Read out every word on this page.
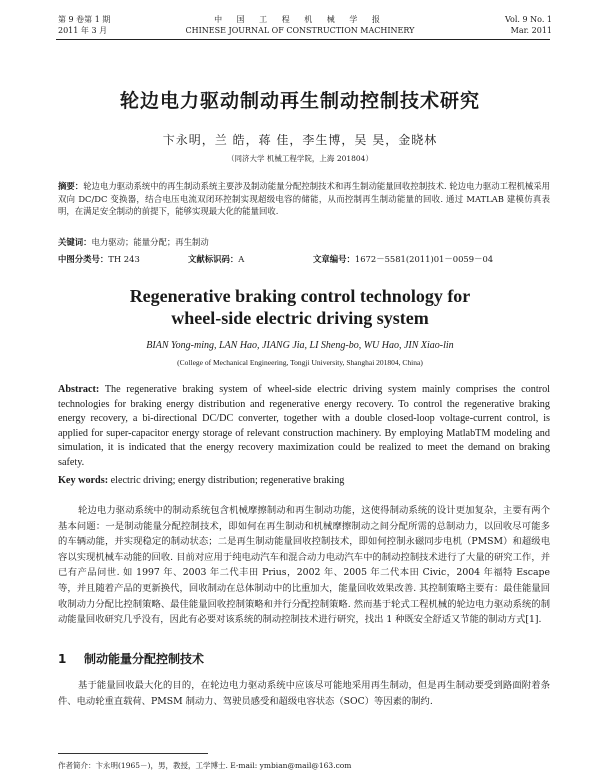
第 9 卷第 1 期
2011 年 3 月
中 国 工 程 机 械 学 报
CHINESE JOURNAL OF CONSTRUCTION MACHINERY
Vol. 9 No. 1
Mar. 2011
轮边电力驱动制动再生制动控制技术研究
卞永明，兰 皓，蒋 佳，李生博，吴 昊，金晓林
（同济大学 机械工程学院，上海 201804）
摘要：轮边电力驱动系统中的再生制动系统主要涉及制动能量分配控制技术和再生制动能量回收控制技术. 轮边电力驱动工程机械采用双向 DC/DC 变换器，结合电压电流双闭环控制实现超级电容的储能，从而控制再生制动能量的回收. 通过 MATLAB 建模仿真表明，在满足安全制动的前提下，能够实现最大化的能量回收.
关键词：电力驱动；能量分配；再生制动
中图分类号：TH 243	文献标识码：A	文章编号：1672－5581(2011)01－0059－04
Regenerative braking control technology for
wheel-side electric driving system
BIAN Yong-ming, LAN Hao, JIANG Jia, LI Sheng-bo, WU Hao, JIN Xiao-lin
(College of Mechanical Engineering, Tongji University, Shanghai 201804, China)
Abstract: The regenerative braking system of wheel-side electric driving system mainly comprises the control technologies for braking energy distribution and regenerative energy recovery. To control the regenerative braking energy recovery, a bi-directional DC/DC converter, together with a double closed-loop voltage-current control, is applied for super-capacitor energy storage of relevant construction machinery. By employing MatlabTM modeling and simulation, it is indicated that the energy recovery maximization could be realized to meet the demand on braking safety.
Key words: electric driving; energy distribution; regenerative braking
轮边电力驱动系统中的制动系统包含机械摩擦制动和再生制动功能，这使得制动系统的设计更加复杂，主要有两个基本问题：一是制动能量分配控制技术，即如何在再生制动和机械摩擦制动之间分配所需的总制动力，以回收尽可能多的车辆动能，并实现稳定的制动状态；二是再生制动能量回收控制技术，即如何控制永磁同步电机（PMSM）和超级电容以实现机械车动能的回收. 目前对应用于纯电动汽车和混合动力电动汽车中的制动控制技术进行了大量的研究工作，并已有产品问世. 如 1997 年、2003 年二代丰田 Prius，2002 年、2005 年二代本田 Civic，2004 年福特 Escape 等，并且随着产品的更新换代，回收制动在总体制动中的比重加大，能量回收效果改善. 其控制策略主要有：最佳能量回收制动力分配比控制策略、最佳能量回收控制策略和并行分配控制策略. 然而基于轮式工程机械的轮边电力驱动系统的制动能量回收研究几乎没有，因此有必要对该系统的制动控制技术进行研究，找出 1 种既安全舒适又节能的制动方式[1].
1 制动能量分配控制技术
基于能量回收最大化的目的，在轮边电力驱动系统中应该尽可能地采用再生制动，但是再生制动要受到路面附着条件、电动轮重直载荷、PMSM 制动力、驾驶员感受和超级电容状态（SOC）等因素的制约.
作者简介：卞永明(1965－)，男，教授，工学博士. E-mail: ymbian@mail@163.com
